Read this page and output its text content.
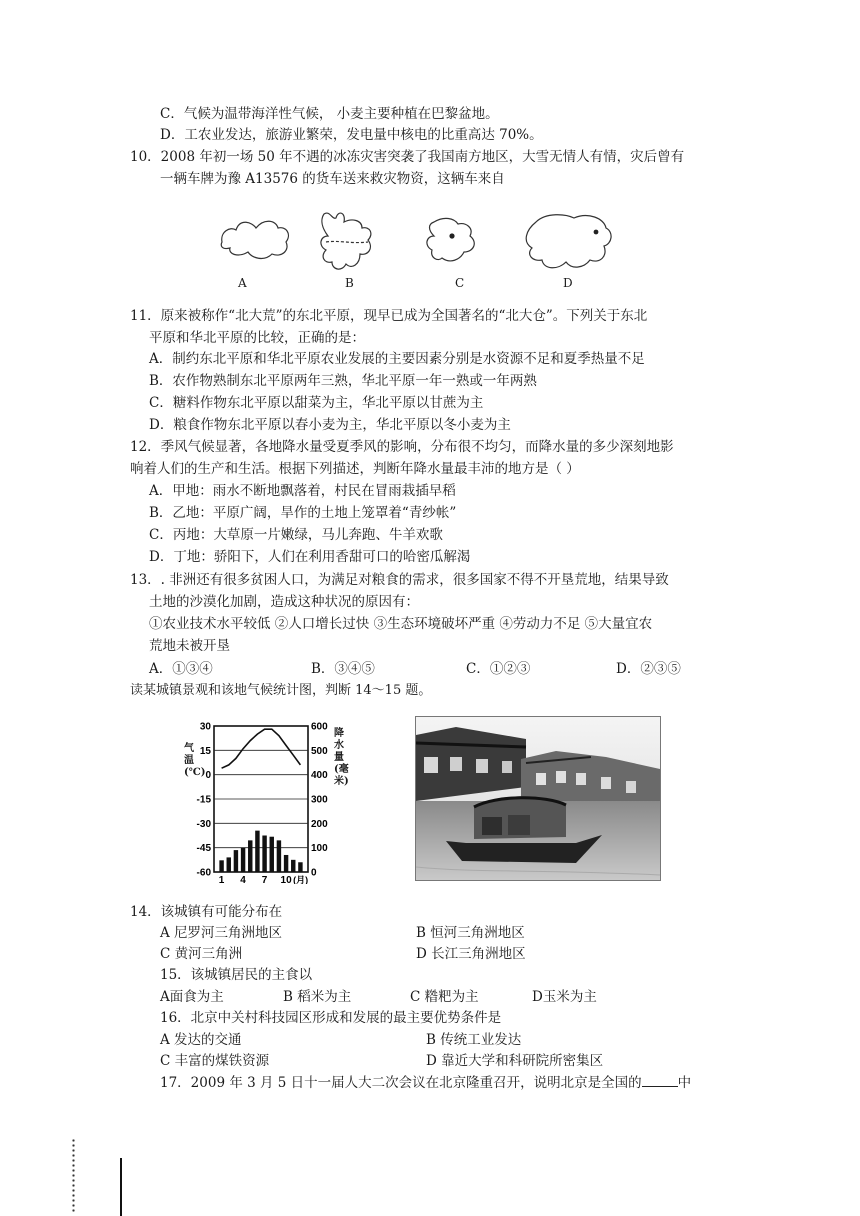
C．气候为温带海洋性气候， 小麦主要种植在巴黎盆地。
D．工农业发达，旅游业繁荣，发电量中核电的比重高达 70%。
10．2008 年初一场 50 年不遇的冰冻灾害突袭了我国南方地区，大雪无情人有情，灾后曾有
一辆车牌为豫 A13576 的货车送来救灾物资，这辆车来自
A	B	C	D
11．原来被称作“北大荒”的东北平原，现早已成为全国著名的“北大仓”。下列关于东北
平原和华北平原的比较，正确的是：
A．制约东北平原和华北平原农业发展的主要因素分别是水资源不足和夏季热量不足
B．农作物熟制东北平原两年三熟，华北平原一年一熟或一年两熟
C．糖料作物东北平原以甜菜为主，华北平原以甘蔗为主
D．粮食作物东北平原以春小麦为主，华北平原以冬小麦为主
12．季风气候显著，各地降水量受夏季风的影响，分布很不均匀，而降水量的多少深刻地影
响着人们的生产和生活。根据下列描述，判断年降水量最丰沛的地方是（ ）
A．甲地：雨水不断地飘落着，村民在冒雨栽插早稻
B．乙地：平原广阔，旱作的土地上笼罩着“青纱帐”
C．丙地：大草原一片嫩绿，马儿奔跑、牛羊欢歌
D．丁地：骄阳下，人们在利用香甜可口的哈密瓜解渴
13．. 非洲还有很多贫困人口，为满足对粮食的需求，很多国家不得不开垦荒地，结果导致
土地的沙漠化加剧，造成这种状况的原因有：
①农业技术水平较低 ②人口增长过快 ③生态环境破坏严重 ④劳动力不足 ⑤大量宜农
荒地未被开垦
A．①③④	B．③④⑤	C．①②③	D．②③⑤
读某城镇景观和该地气候统计图，判断 14～15 题。
30
15
0
-15
-30
-45
-60
600
500
400
300
200
100
0
1 4 7 10 (月)
气温(℃)
降水量(毫米)
14．该城镇有可能分布在
A 尼罗河三角洲地区	B 恒河三角洲地区
C 黄河三角洲	D 长江三角洲地区
15．该城镇居民的主食以
A面食为主	B 稻米为主	C 糌粑为主	D玉米为主
16．北京中关村科技园区形成和发展的最主要优势条件是
A 发达的交通	B 传统工业发达
C 丰富的煤铁资源	D 靠近大学和科研院所密集区
17．2009 年 3 月 5 日十一届人大二次会议在北京隆重召开，说明北京是全国的	中
